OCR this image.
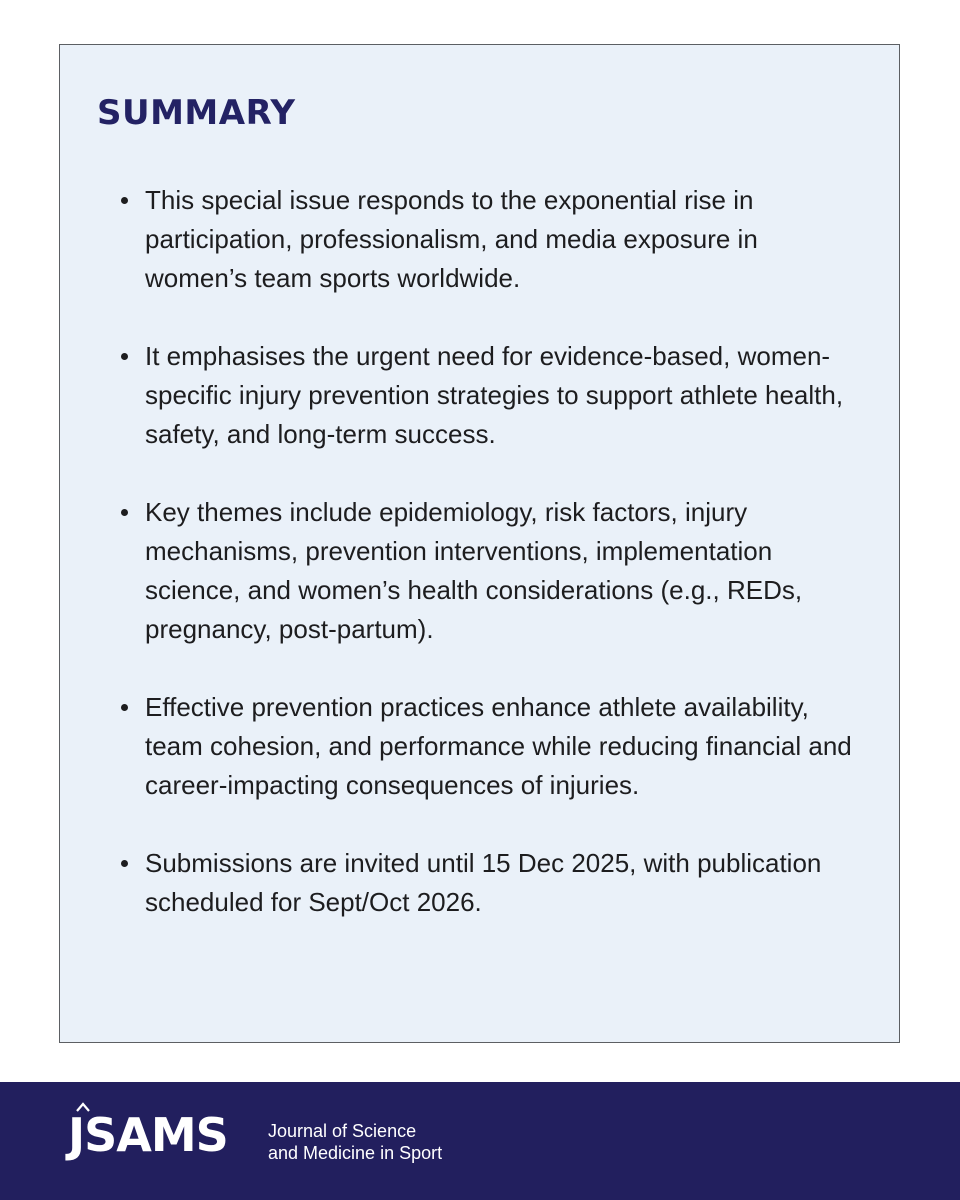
SUMMARY
This special issue responds to the exponential rise in participation, professionalism, and media exposure in women’s team sports worldwide.
It emphasises the urgent need for evidence-based, women-specific injury prevention strategies to support athlete health, safety, and long-term success.
Key themes include epidemiology, risk factors, injury mechanisms, prevention interventions, implementation science, and women’s health considerations (e.g., REDs, pregnancy, post-partum).
Effective prevention practices enhance athlete availability, team cohesion, and performance while reducing financial and career-impacting consequences of injuries.
Submissions are invited until 15 Dec 2025, with publication scheduled for Sept/Oct 2026.
JSAMS Journal of Science
and Medicine in Sport
